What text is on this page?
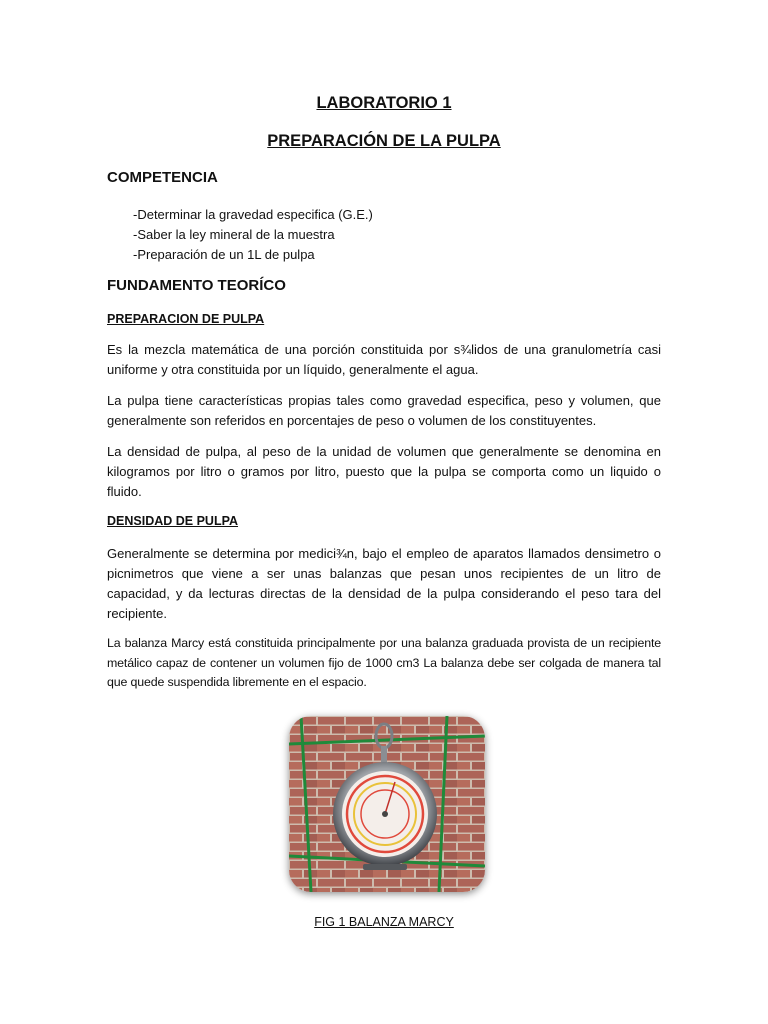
LABORATORIO 1
PREPARACIÓN DE LA PULPA
COMPETENCIA
-Determinar la gravedad especifica (G.E.)
-Saber la ley mineral de la muestra
-Preparación de un 1L de pulpa
FUNDAMENTO TEORÍCO
PREPARACION DE PULPA

Es la mezcla matemática de una porción constituida por s¾lidos de una granulometría casi uniforme y otra constituida por un líquido, generalmente el agua.

La pulpa tiene características propias tales como gravedad especifica, peso y volumen, que generalmente son referidos en porcentajes de peso o volumen de los constituyentes.

La densidad de pulpa, al peso de la unidad de volumen que generalmente se denomina en kilogramos por litro o gramos por litro, puesto que la pulpa se comporta como un liquido o fluido.

DENSIDAD DE PULPA

Generalmente se determina por medici¾n, bajo el empleo de aparatos llamados densimetro o picnimetros que viene a ser unas balanzas que pesan unos recipientes de un litro de capacidad, y da lecturas directas de la densidad de la pulpa considerando el peso tara del recipiente.

La balanza Marcy está constituida principalmente por una balanza graduada provista de un recipiente metálico capaz de contener un volumen fijo de 1000 cm3 La balanza debe ser colgada de manera tal que quede suspendida libremente en el espacio.

FIG 1 BALANZA MARCY
